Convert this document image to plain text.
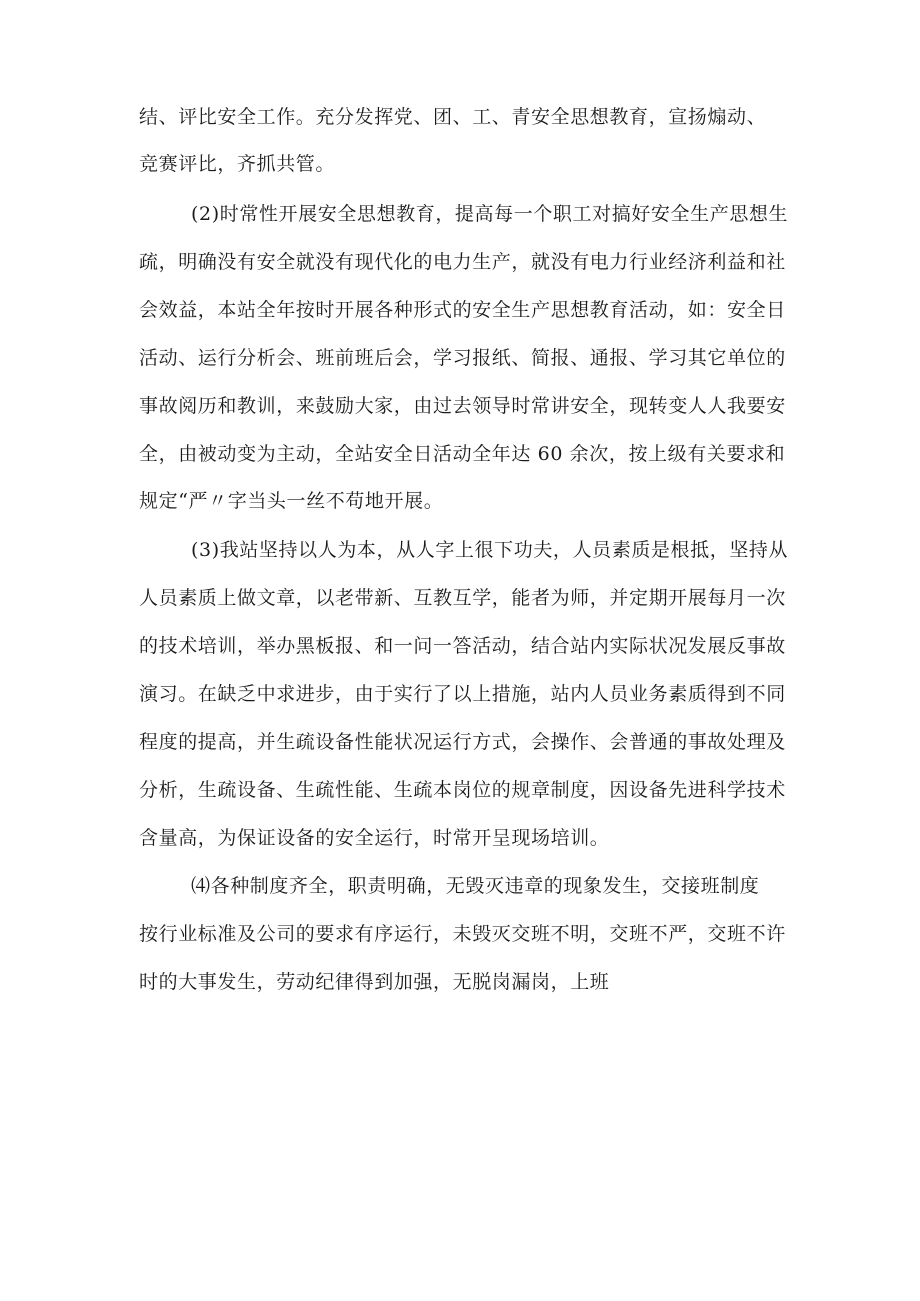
结、评比安全工作。充分发挥党、团、工、青安全思想教育，宣扬煽动、
竞赛评比，齐抓共管。
(2)时常性开展安全思想教育，提高每一个职工对搞好安全生产思想生
疏，明确没有安全就没有现代化的电力生产，就没有电力行业经济利益和社
会效益，本站全年按时开展各种形式的安全生产思想教育活动，如：安全日
活动、运行分析会、班前班后会，学习报纸、简报、通报、学习其它单位的
事故阅历和教训，来鼓励大家，由过去领导时常讲安全，现转变人人我要安
全，由被动变为主动，全站安全日活动全年达 60 余次，按上级有关要求和
规定“严〃字当头一丝不苟地开展。
(3)我站坚持以人为本，从人字上很下功夫，人员素质是根抵，坚持从
人员素质上做文章，以老带新、互教互学，能者为师，并定期开展每月一次
的技术培训，举办黑板报、和一问一答活动，结合站内实际状况发展反事故
演习。在缺乏中求进步，由于实行了以上措施，站内人员业务素质得到不同
程度的提高，并生疏设备性能状况运行方式，会操作、会普通的事故处理及
分析，生疏设备、生疏性能、生疏本岗位的规章制度，因设备先进科学技术
含量高，为保证设备的安全运行，时常开呈现场培训。
⑷各种制度齐全，职责明确，无毁灭违章的现象发生，交接班制度
按行业标准及公司的要求有序运行，未毁灭交班不明，交班不严，交班不许
时的大事发生，劳动纪律得到加强，无脱岗漏岗，上班
